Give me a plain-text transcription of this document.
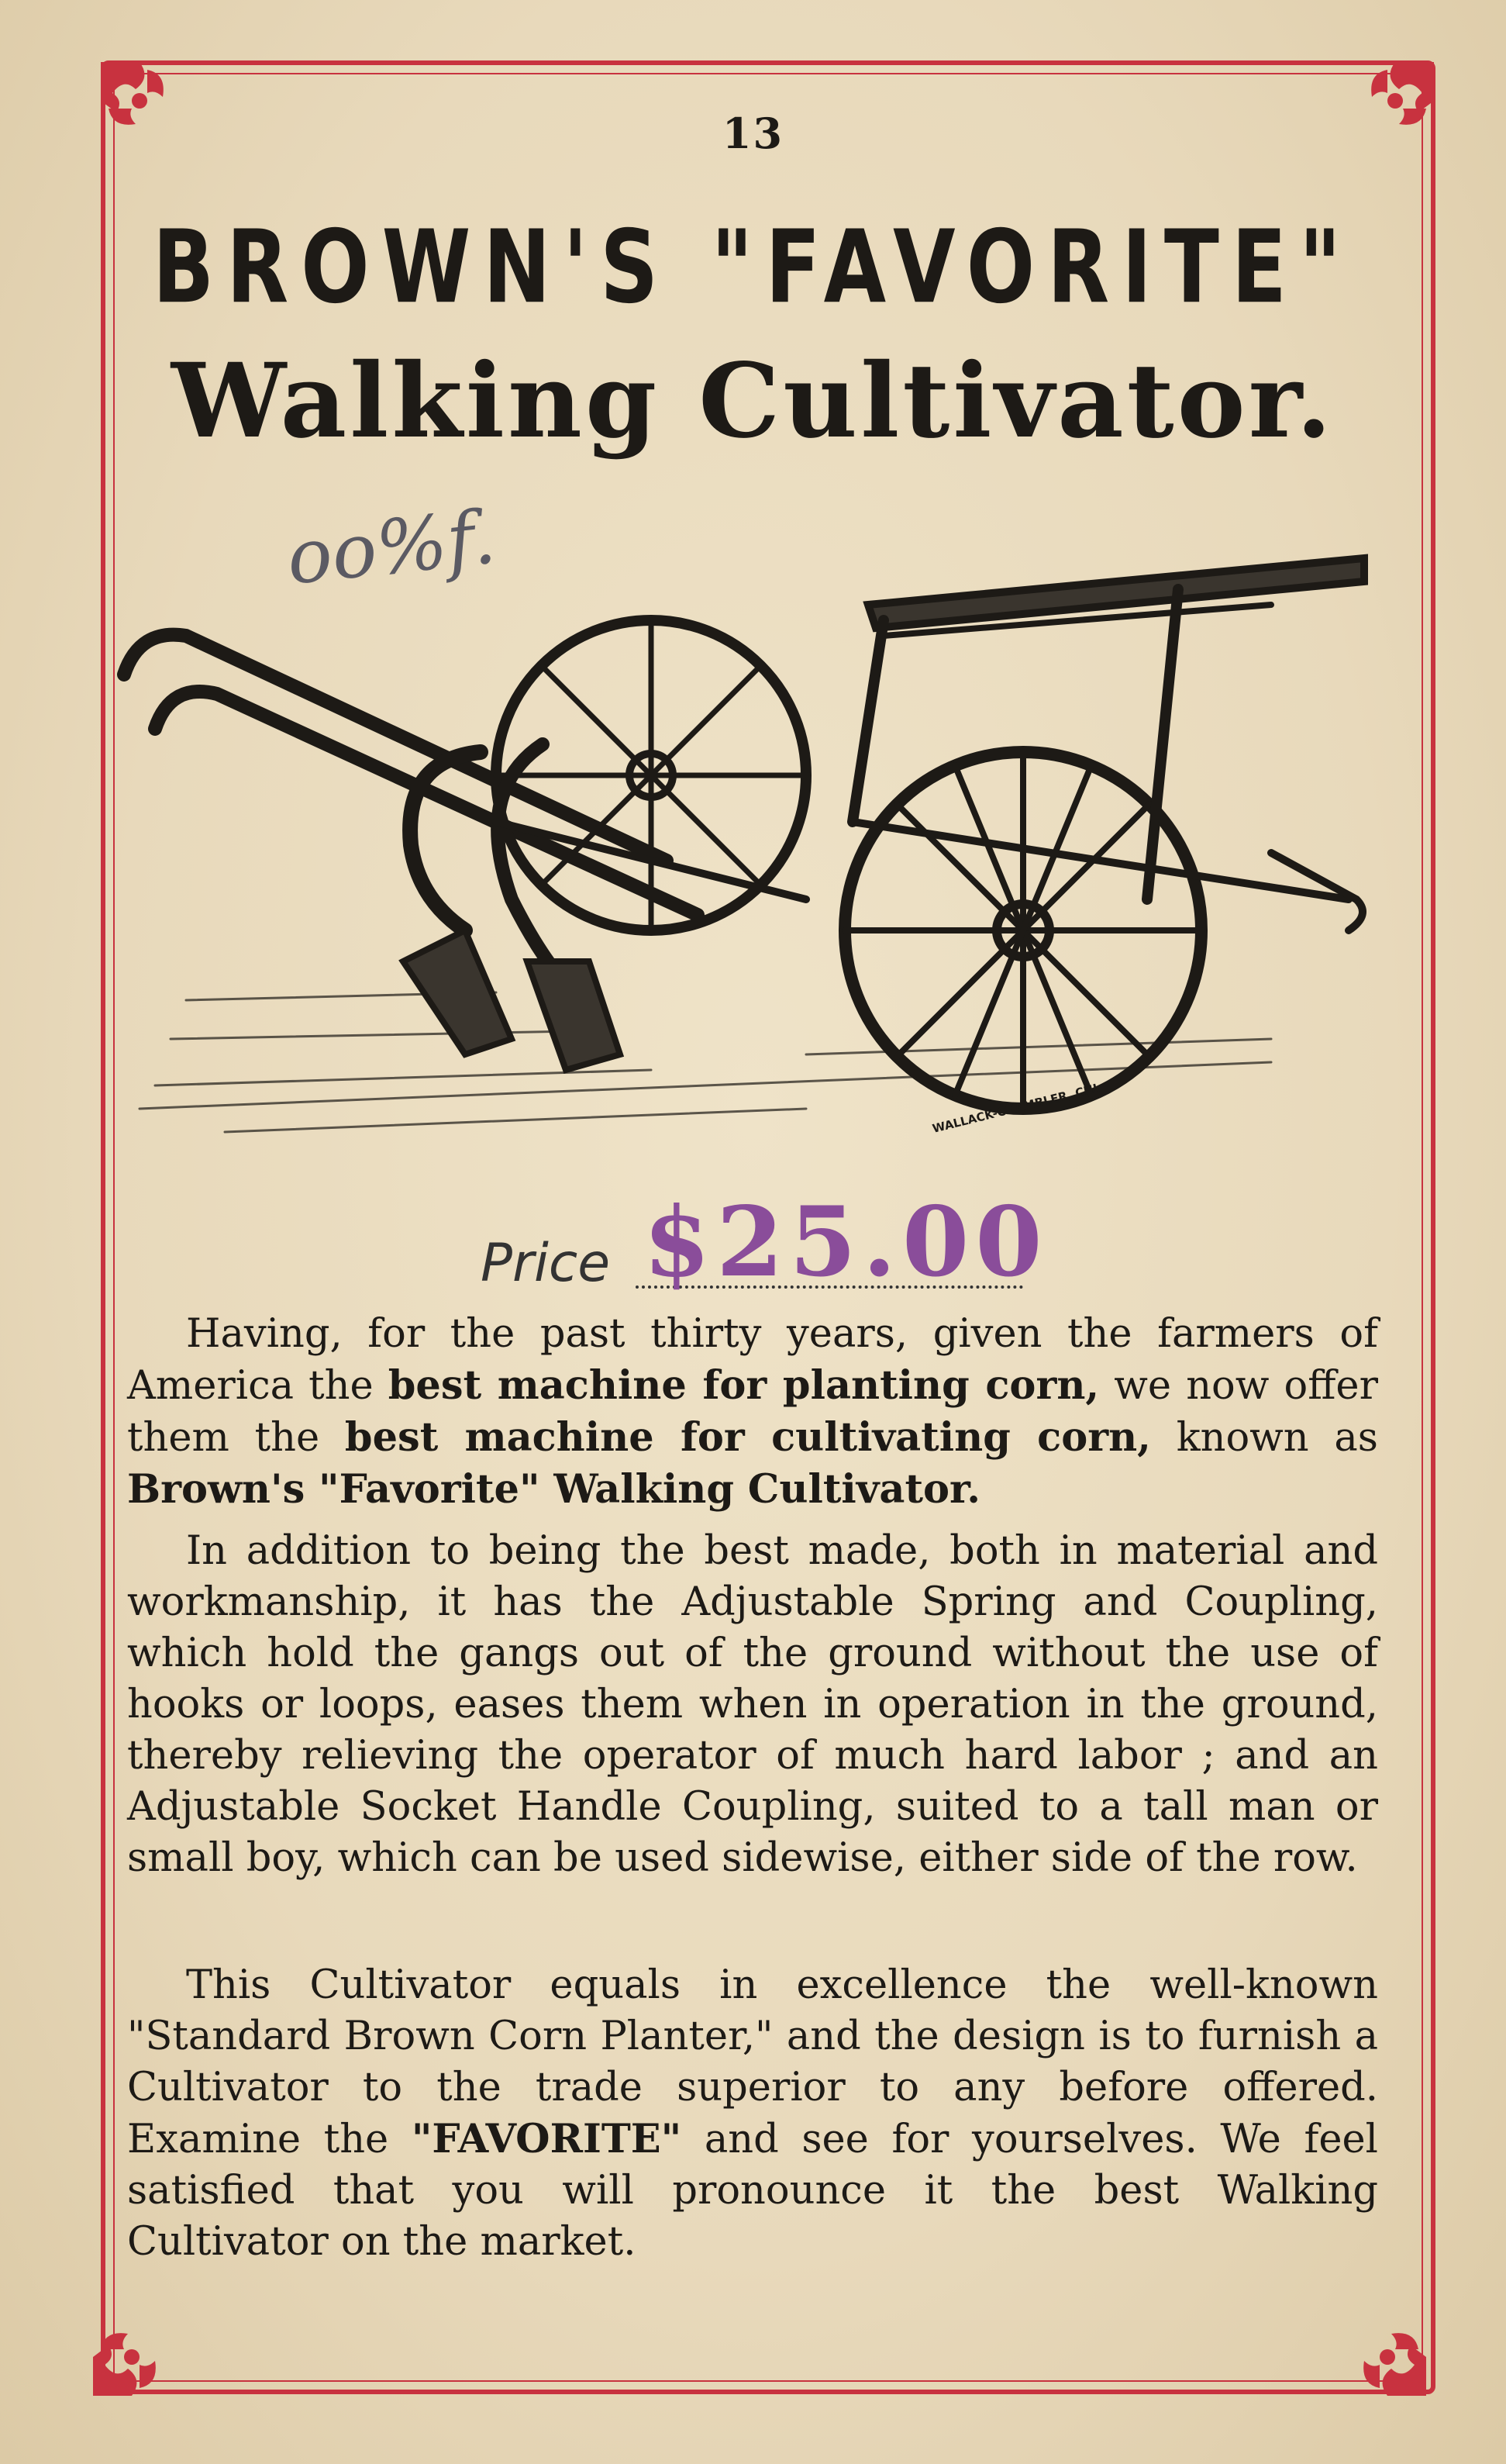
13
BROWN'S "FAVORITE"
Walking Cultivator.
oo%f.
WALLACK-CHAMBLER, CHI.
Price $25.00

Having, for the past thirty years, given the farmers of America the best machine for planting corn, we now offer them the best machine for cultivating corn, known as Brown's "Favorite" Walking Cultivator.

In addition to being the best made, both in material and workmanship, it has the Adjustable Spring and Coupling, which hold the gangs out of the ground without the use of hooks or loops, eases them when in operation in the ground, thereby relieving the operator of much hard labor ; and an Adjustable Socket Handle Coupling, suited to a tall man or small boy, which can be used sidewise, either side of the row.

This Cultivator equals in excellence the well-known "Standard Brown Corn Planter," and the design is to furnish a Cultivator to the trade superior to any before offered. Examine the "FAVORITE" and see for yourselves. We feel satisfied that you will pronounce it the best Walking Cultivator on the market.
